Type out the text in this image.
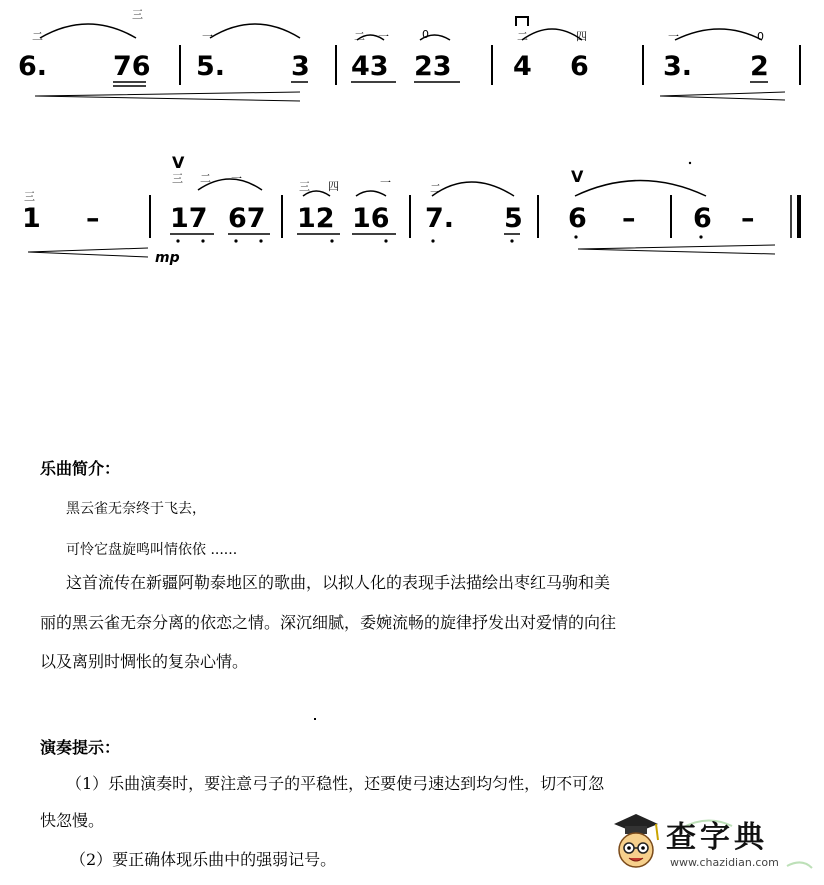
6. 76 5. 3 43 23 4 6	3. 2
二
三
一	二 一	0	二	四	一	0
1 –	17 67 12 16 7. 5 6 – 6 –
三
三 二 一
三 四	一	二
V
V
mp
乐曲简介：
黑云雀无奈终于飞去，
可怜它盘旋鸣叫情依依 ......
这首流传在新疆阿勒泰地区的歌曲，以拟人化的表现手法描绘出枣红马驹和美
丽的黑云雀无奈分离的依恋之情。深沉细腻，委婉流畅的旋律抒发出对爱情的向往
以及离别时惆怅的复杂心情。
演奏提示：
（1）乐曲演奏时，要注意弓子的平稳性，还要使弓速达到均匀性，切不可忽
快忽慢。
（2）要正确体现乐曲中的强弱记号。
查字典
www.chazidian.com
